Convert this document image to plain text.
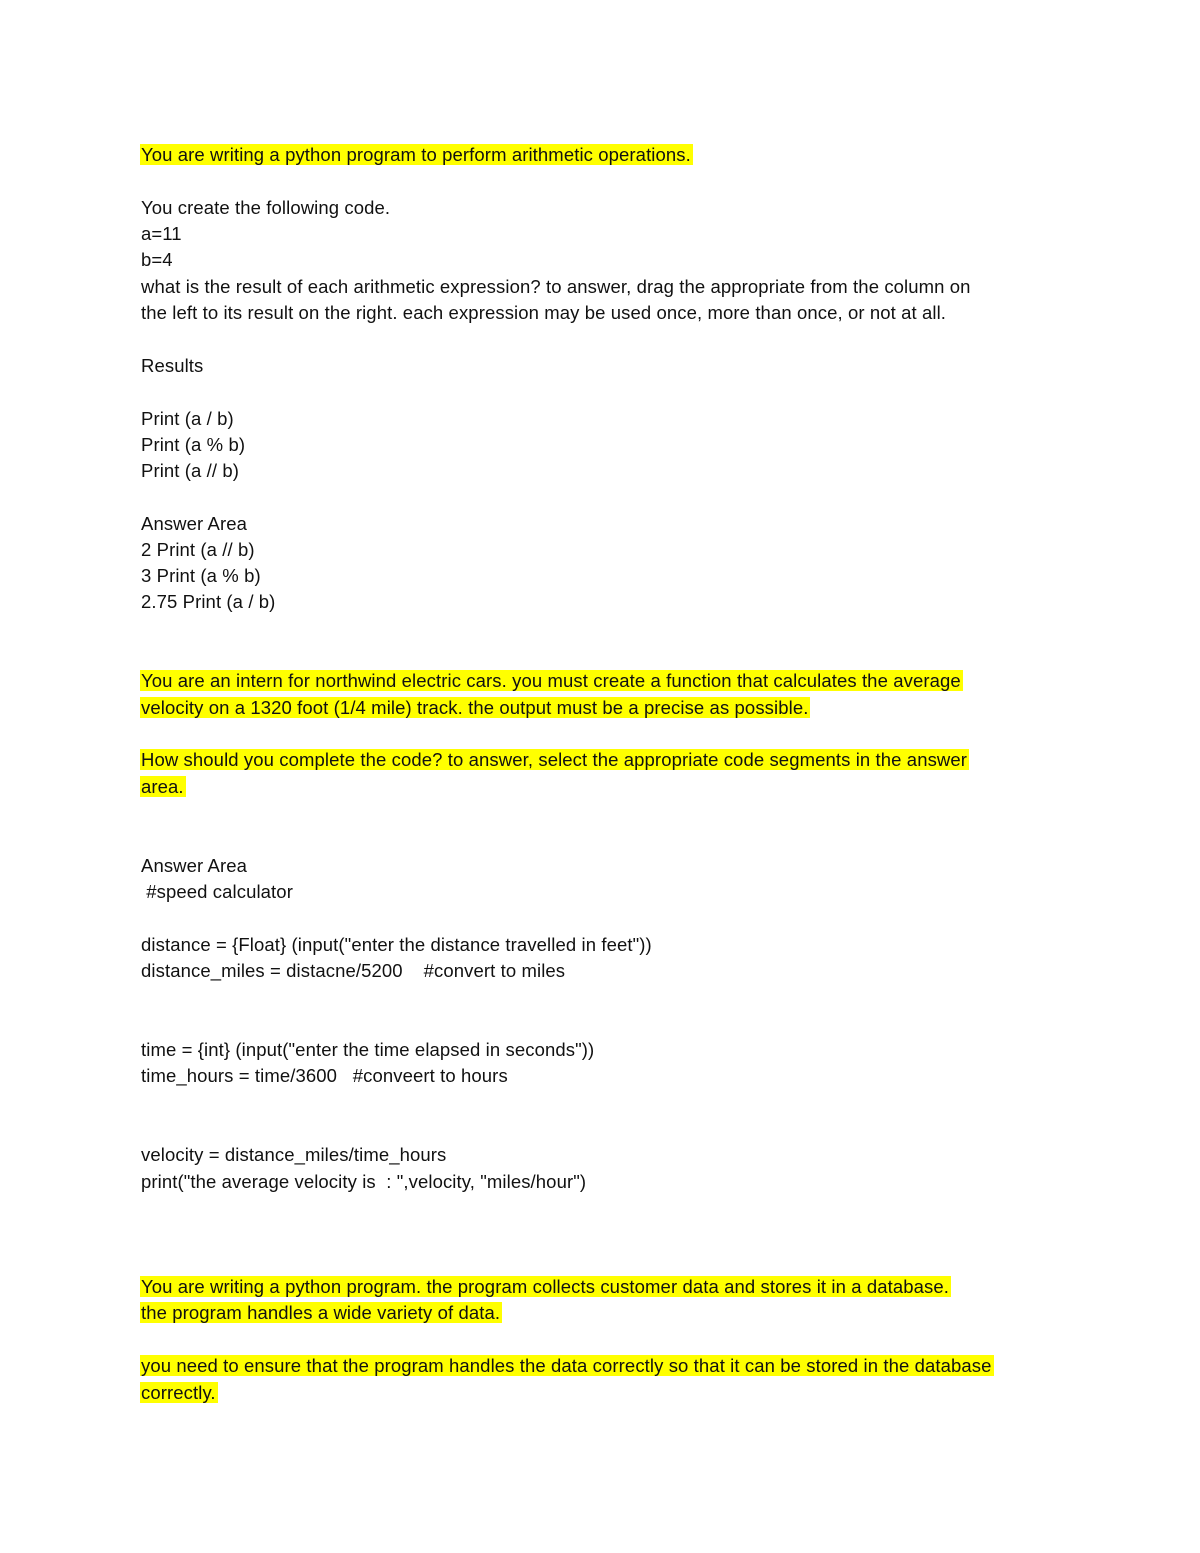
You are writing a python program to perform arithmetic operations.
You create the following code.
a=11
b=4
what is the result of each arithmetic expression? to answer, drag the appropriate from the column on
the left to its result on the right. each expression may be used once, more than once, or not at all.
Results
Print (a / b)
Print (a % b)
Print (a // b)
Answer Area
2 Print (a // b)
3 Print (a % b)
2.75 Print (a / b)
You are an intern for northwind electric cars. you must create a function that calculates the average
velocity on a 1320 foot (1/4 mile) track. the output must be a precise as possible.
How should you complete the code? to answer, select the appropriate code segments in the answer
area.
Answer Area
#speed calculator
distance = {Float} (input("enter the distance travelled in feet"))
distance_miles = distacne/5200    #convert to miles
time = {int} (input("enter the time elapsed in seconds"))
time_hours = time/3600   #conveert to hours
velocity = distance_miles/time_hours
print("the average velocity is  : ",velocity, "miles/hour")
You are writing a python program. the program collects customer data and stores it in a database.
the program handles a wide variety of data.
you need to ensure that the program handles the data correctly so that it can be stored in the database
correctly.
